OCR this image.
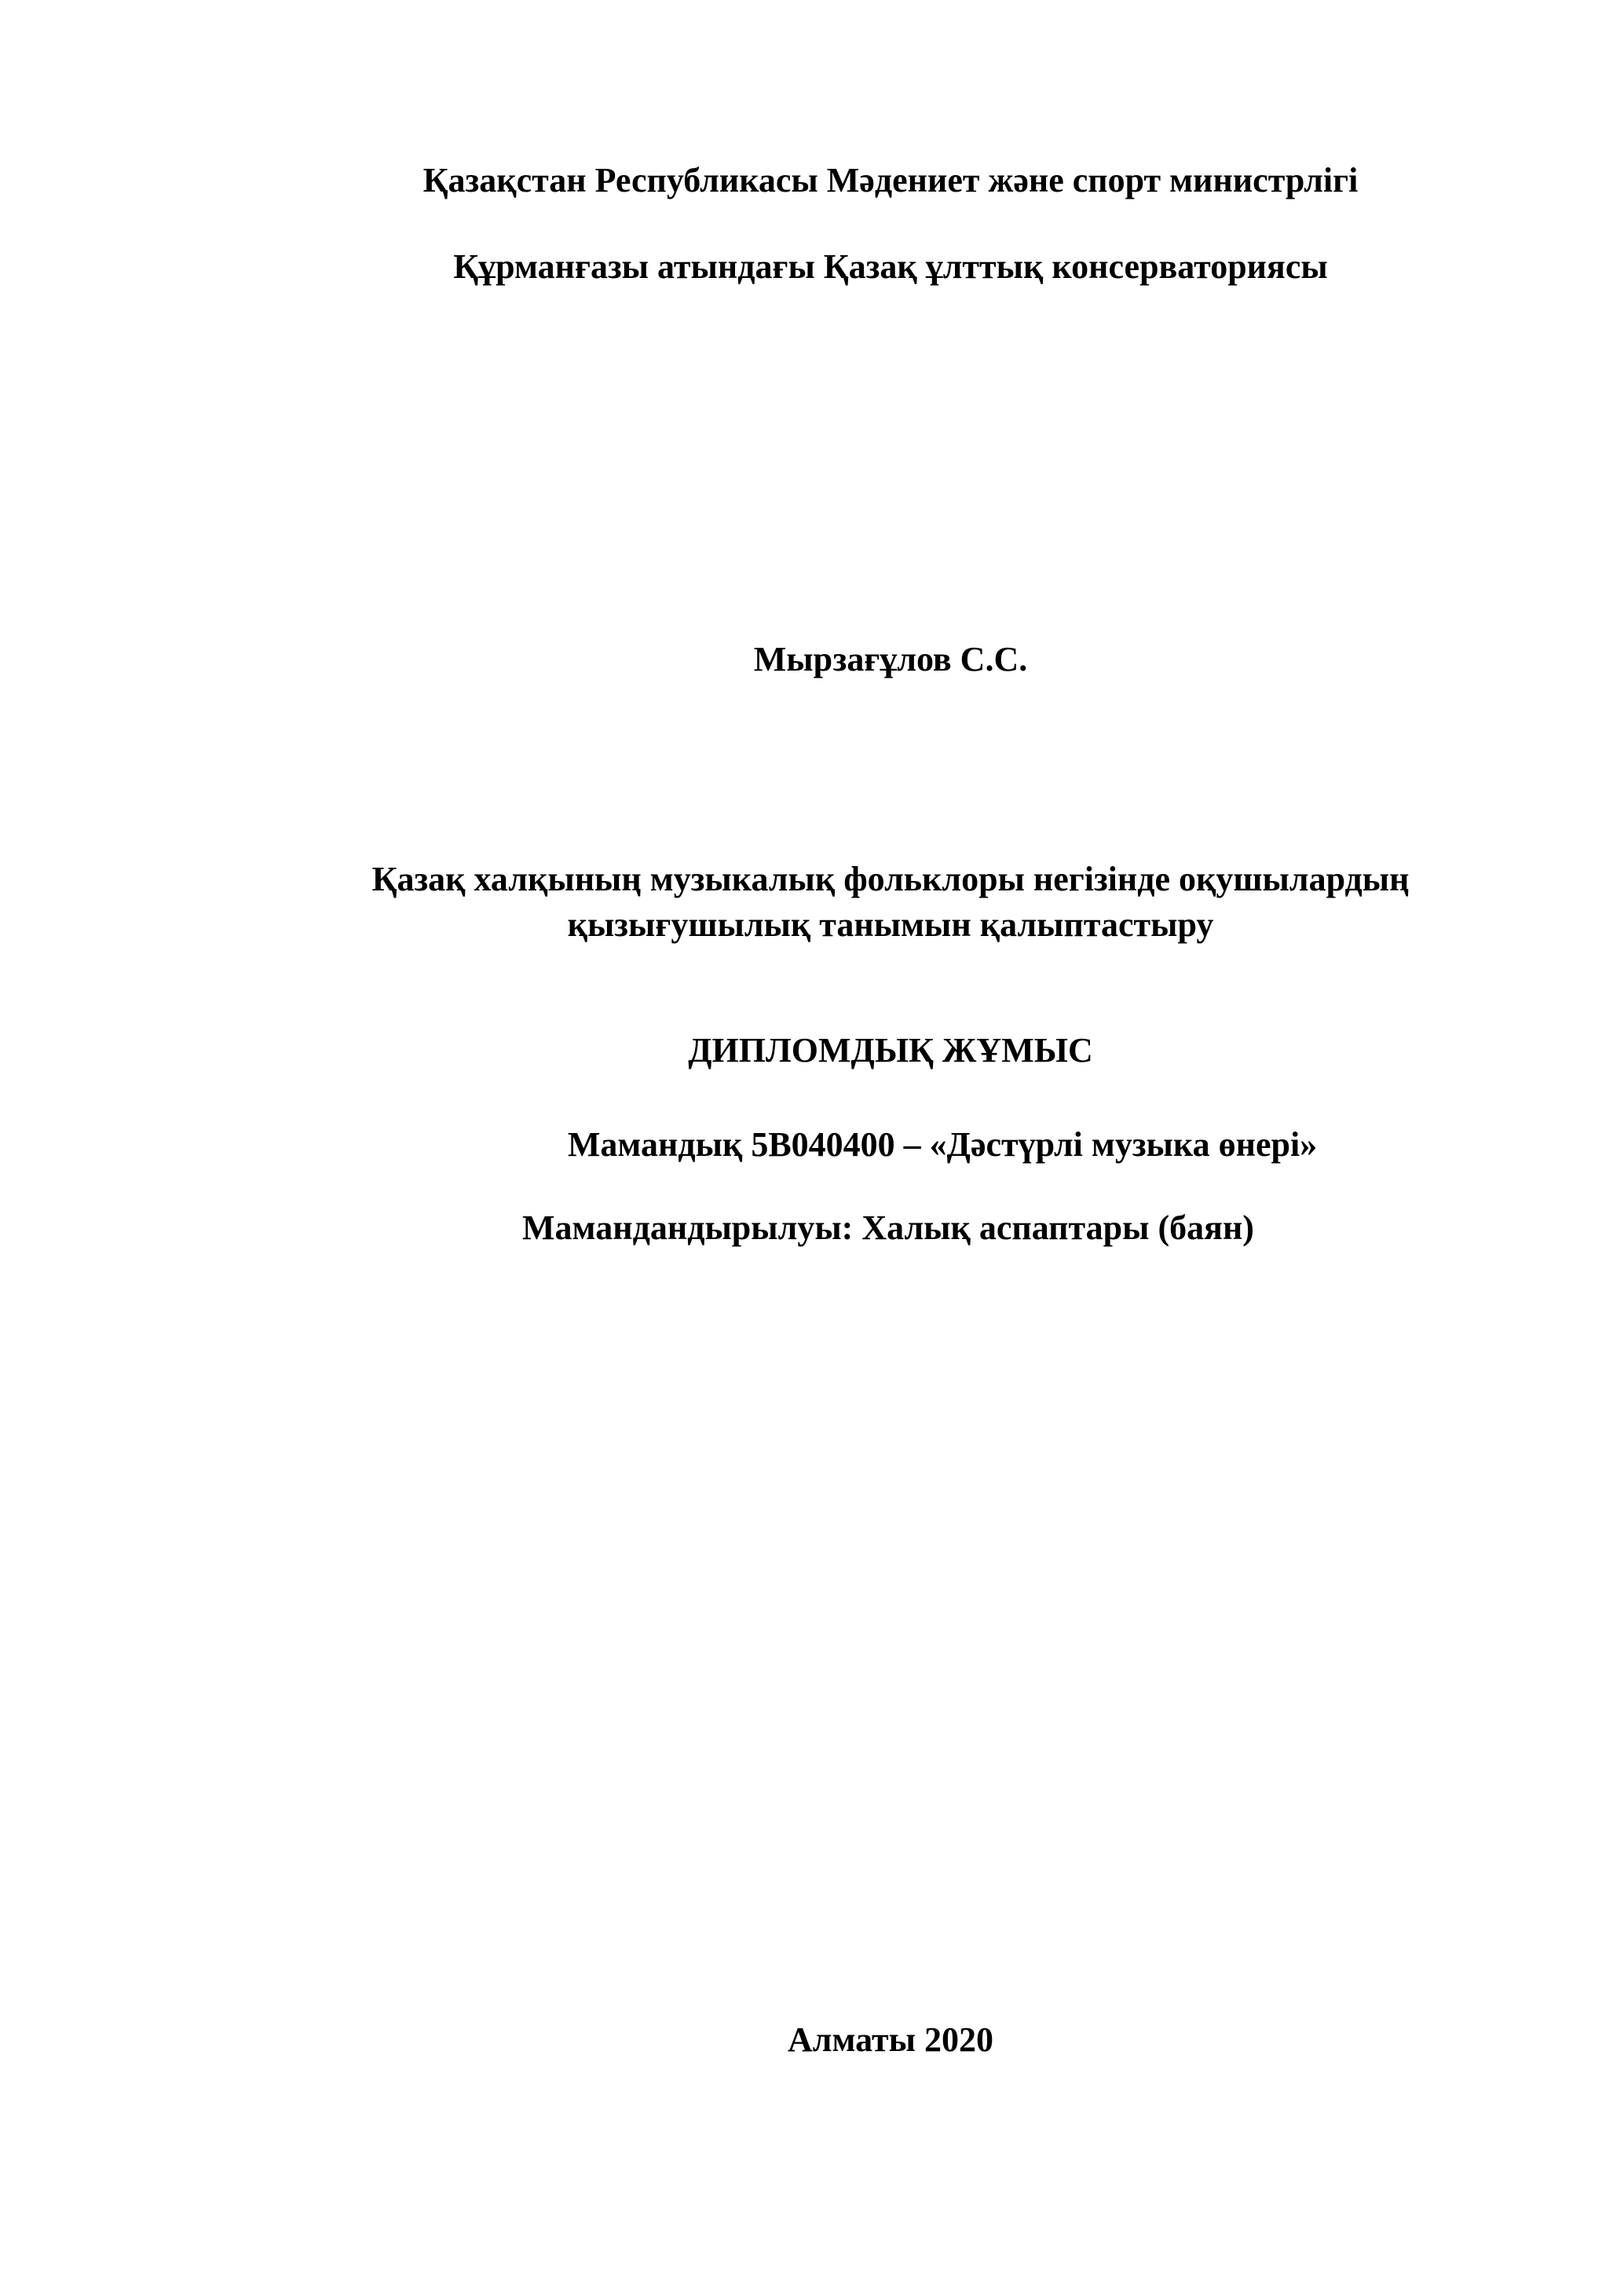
Қазақстан Республикасы Мәдениет және спорт министрлігі
Құрманғазы атындағы Қазақ ұлттық консерваториясы
Мырзағұлов С.С.
Қазақ халқының музыкалық фольклоры негізінде оқушылардың
қызығушылық танымын қалыптастыру
ДИПЛОМДЫҚ ЖҰМЫС
Мамандық 5В040400 – «Дәстүрлі музыка өнері»
Мамандандырылуы: Халық аспаптары (баян)
Алматы 2020
